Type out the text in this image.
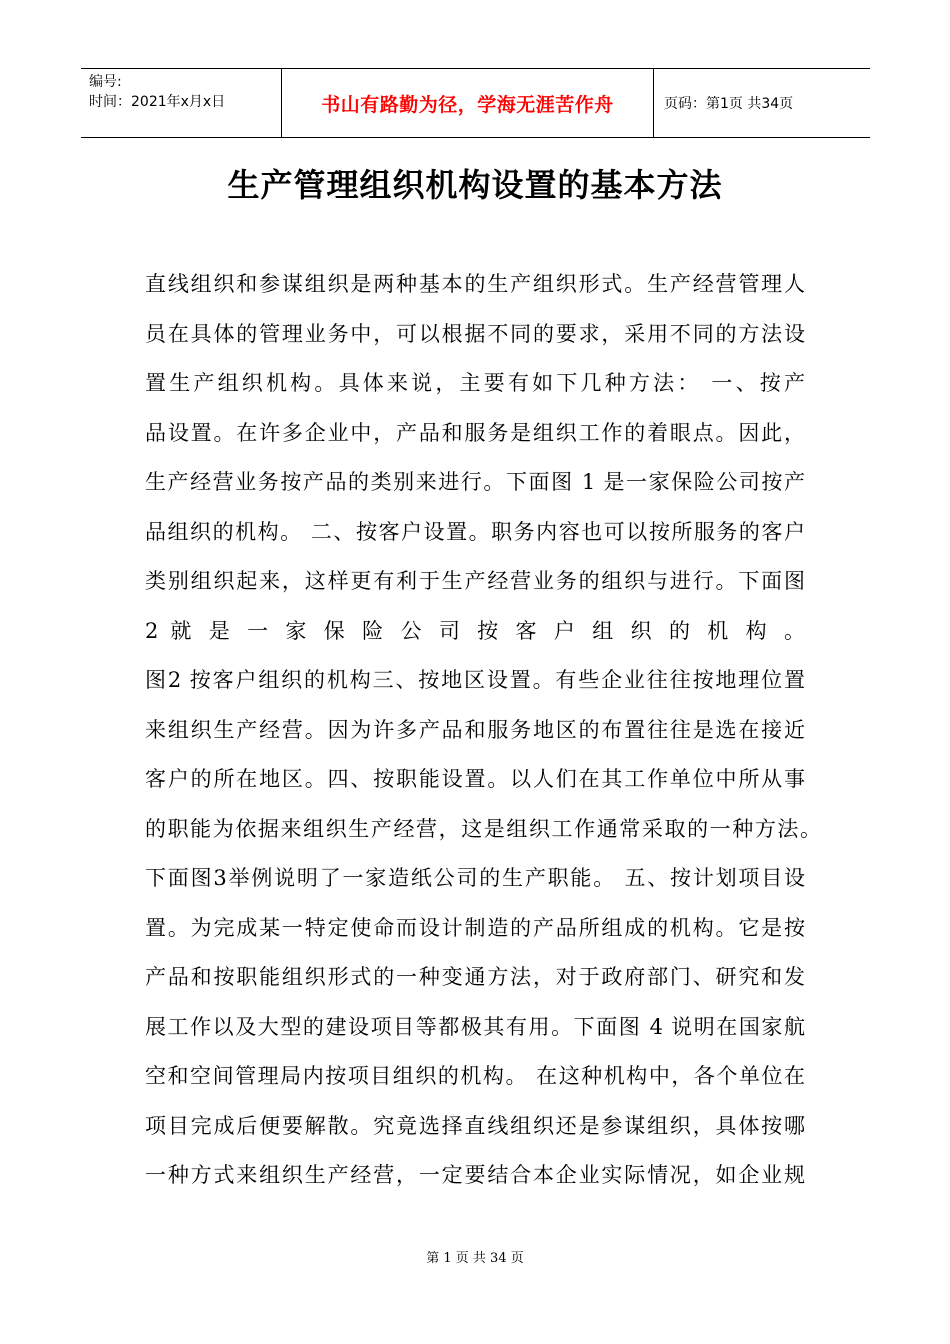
编号:
时间：2021年x月x日	书山有路勤为径，学海无涯苦作舟	页码：第1页 共34页
生产管理组织机构设置的基本方法
直线组织和参谋组织是两种基本的生产组织形式。生产经营管理人
员在具体的管理业务中，可以根据不同的要求，采用不同的方法设
置生产组织机构。具体来说，主要有如下几种方法： 一、按产
品设置。在许多企业中，产品和服务是组织工作的着眼点。因此，
生产经营业务按产品的类别来进行。下面图 1 是一家保险公司按产
品组织的机构。 二、按客户设置。职务内容也可以按所服务的客户
类别组织起来，这样更有利于生产经营业务的组织与进行。下面图
2 就 是 一 家 保 险 公 司 按 客 户 组 织 的 机 构 。
图2 按客户组织的机构三、按地区设置。有些企业往往按地理位置
来组织生产经营。因为许多产品和服务地区的布置往往是选在接近
客户的所在地区。四、按职能设置。以人们在其工作单位中所从事
的职能为依据来组织生产经营，这是组织工作通常采取的一种方法。
下面图3举例说明了一家造纸公司的生产职能。 五、按计划项目设
置。为完成某一特定使命而设计制造的产品所组成的机构。它是按
产品和按职能组织形式的一种变通方法，对于政府部门、研究和发
展工作以及大型的建设项目等都极其有用。下面图 4 说明在国家航
空和空间管理局内按项目组织的机构。 在这种机构中，各个单位在
项目完成后便要解散。究竟选择直线组织还是参谋组织，具体按哪
一种方式来组织生产经营，一定要结合本企业实际情况，如企业规
第 1 页 共 34 页
